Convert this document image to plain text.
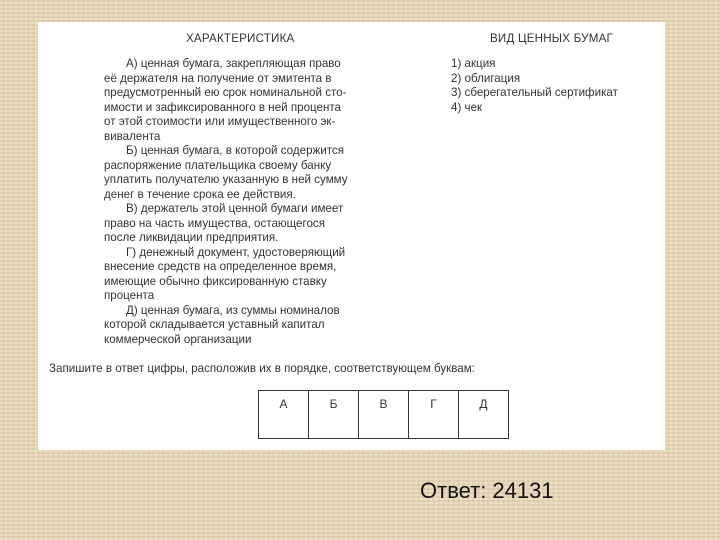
ХАРАКТЕРИСТИКА	ВИД ЦЕННЫХ БУМАГ
А) ценная бумага, закрепляющая право
её держателя на получение от эмитента в
предусмотренный ею срок номинальной сто-
имости и зафиксированного в ней процента
от этой стоимости или имущественного эк-
вивалента
Б) ценная бумага, в которой содержится
распоряжение плательщика своему банку
уплатить получателю указанную в ней сумму
денег в течение срока ее действия.
В) держатель этой ценной бумаги имеет
право на часть имущества, остающегося
после ликвидации предприятия.
Г) денежный документ, удостоверяющий
внесение средств на определенное время,
имеющие обычно фиксированную ставку
процента
Д) ценная бумага, из суммы номиналов
которой складывается уставный капитал
коммерческой организации
1) акция
2) облигация
3) сберегательный сертификат
4) чек
Запишите в ответ цифры, расположив их в порядке, соответствующем буквам:
А	Б	В	Г	Д
Ответ: 24131
